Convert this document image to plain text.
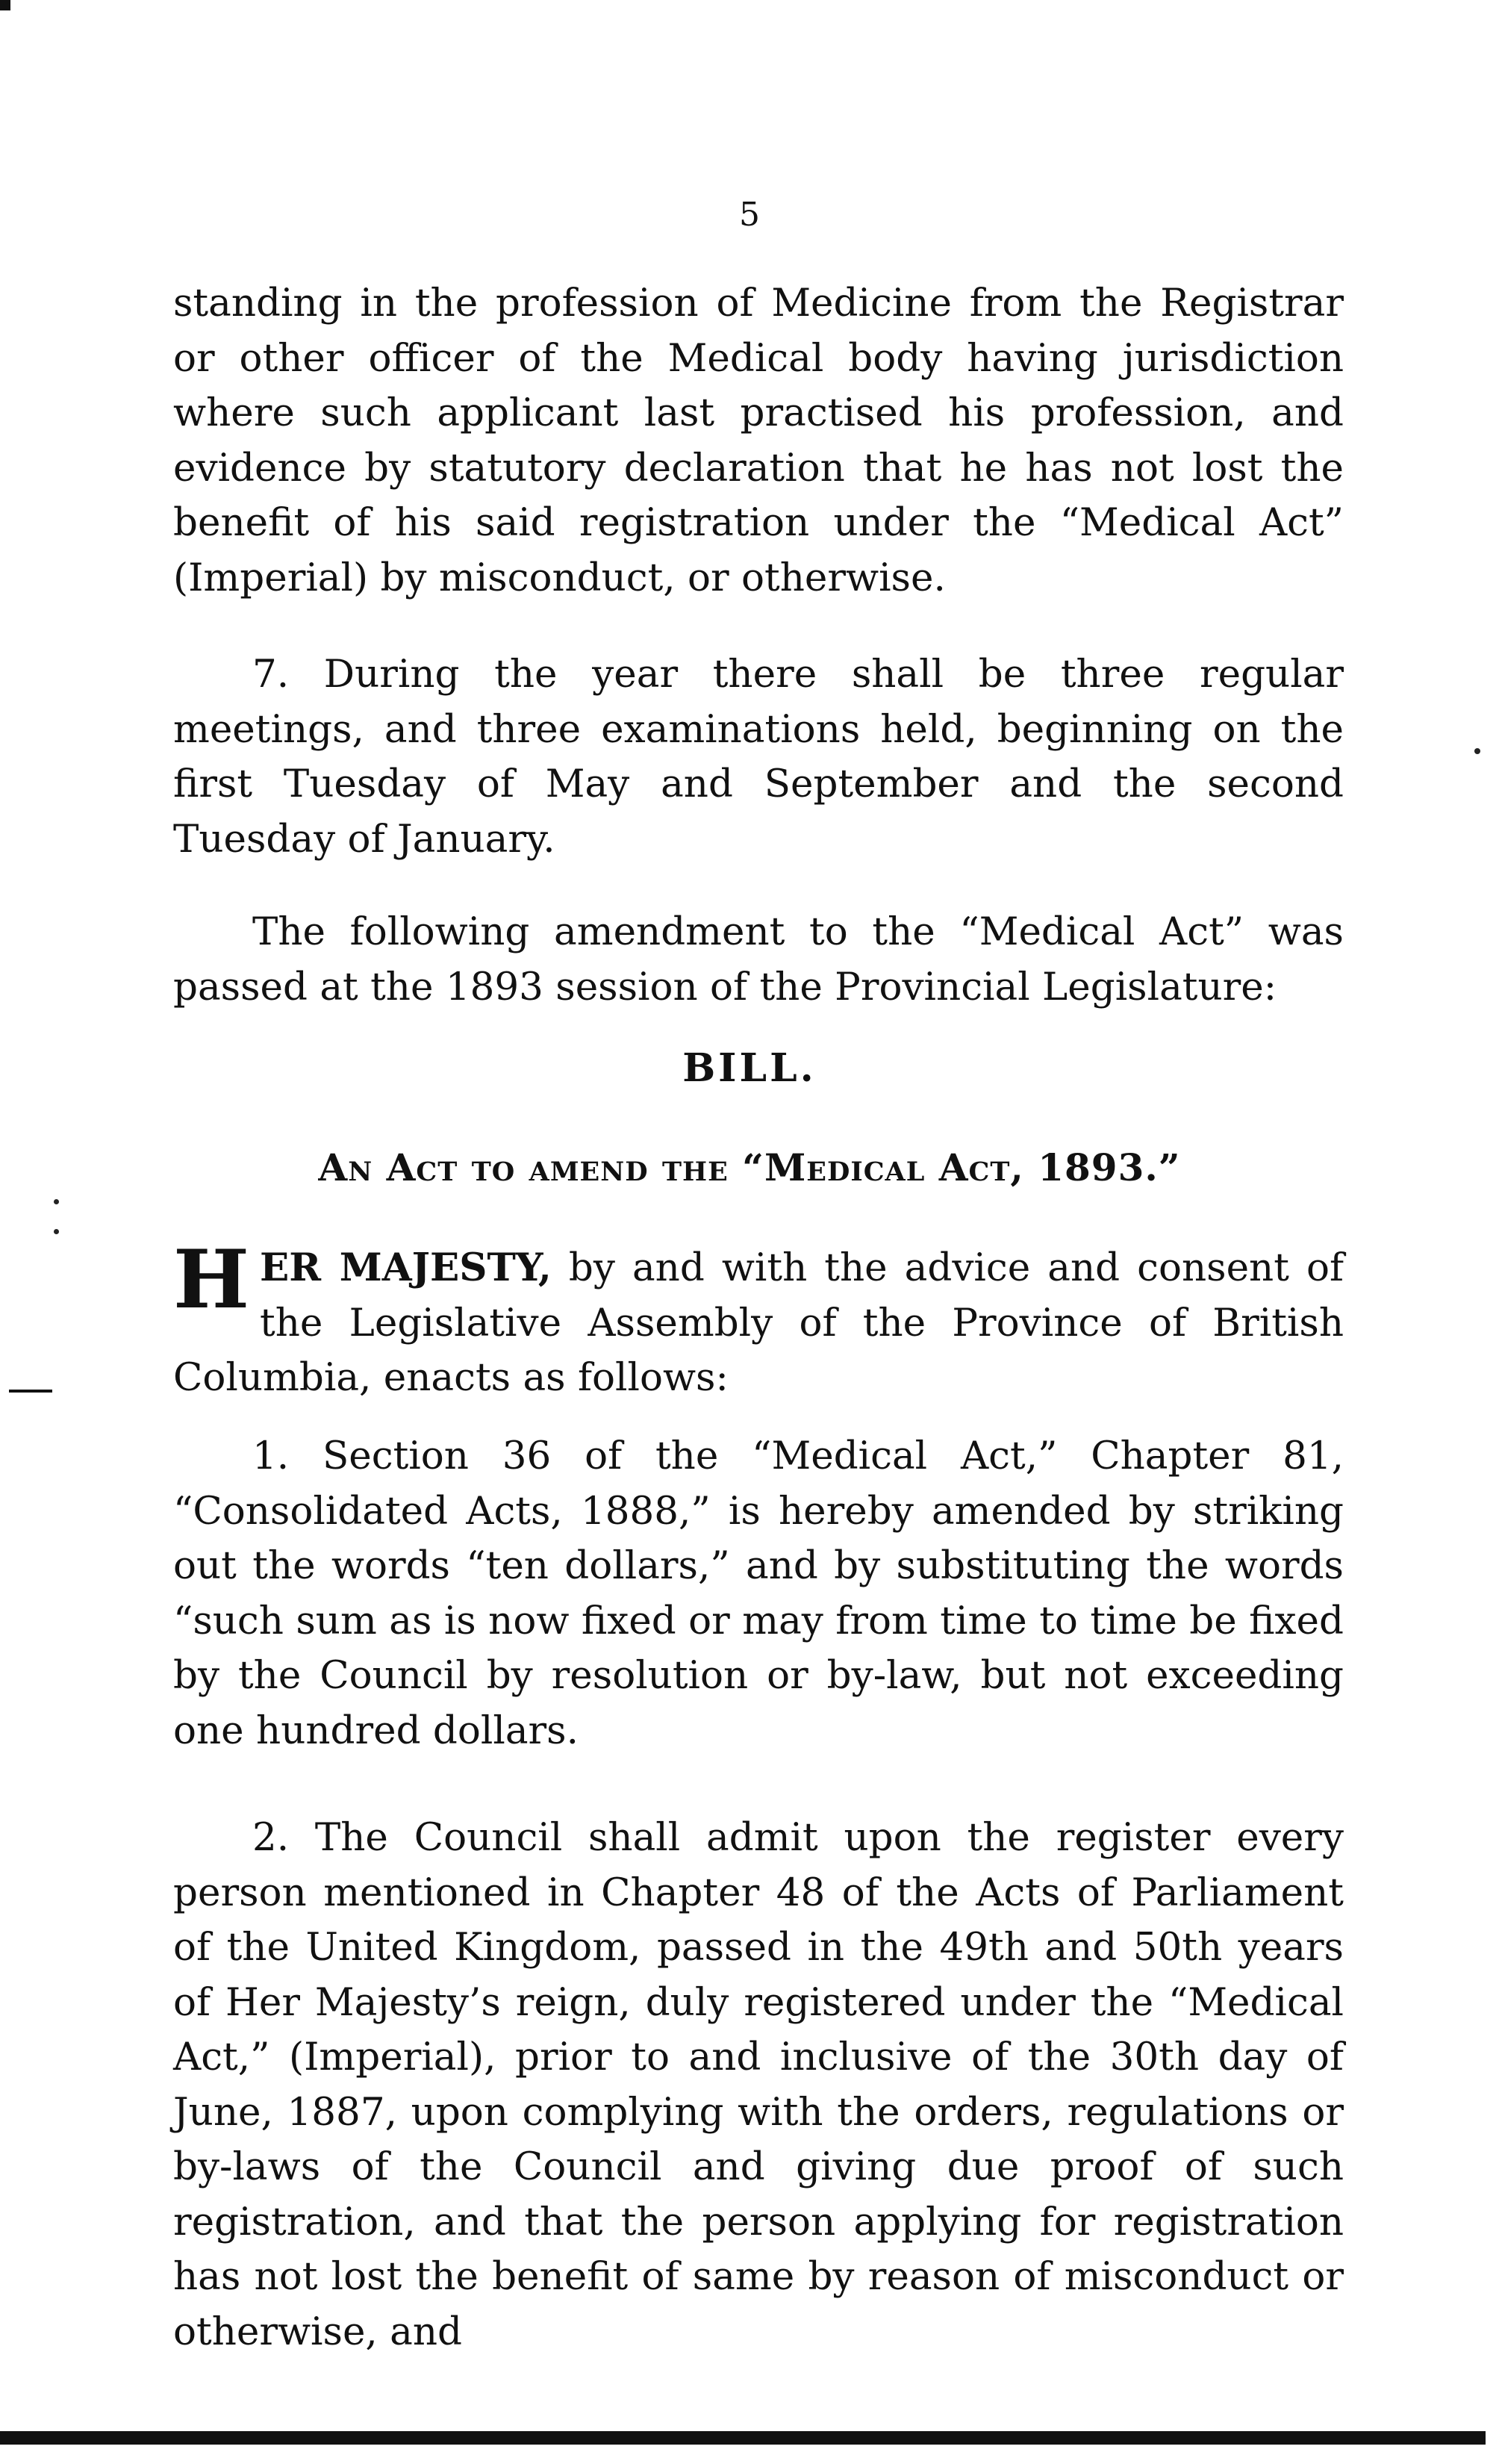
5

standing in the profession of Medicine from the Registrar or other officer of the Medical body having jurisdiction where such applicant last practised his profession, and evidence by statutory declaration that he has not lost the benefit of his said registration under the “Medical Act” (Imperial) by misconduct, or otherwise.

7. During the year there shall be three regular meetings, and three examinations held, beginning on the first Tuesday of May and September and the second Tuesday of January.

The following amendment to the “Medical Act” was passed at the 1893 session of the Provincial Legislature:

BILL.
An Act to amend the “Medical Act, 1893.”
HER MAJESTY, by and with the advice and consent of the Legislative Assembly of the Province of British Columbia, enacts as follows:

1. Section 36 of the “Medical Act,” Chapter 81, “Consolidated Acts, 1888,” is hereby amended by striking out the words “ten dollars,” and by substituting the words “such sum as is now fixed or may from time to time be fixed by the Council by resolution or by-law, but not exceeding one hundred dollars.

2. The Council shall admit upon the register every person mentioned in Chapter 48 of the Acts of Parliament of the United Kingdom, passed in the 49th and 50th years of Her Majesty’s reign, duly registered under the “Medical Act,” (Imperial), prior to and inclusive of the 30th day of June, 1887, upon complying with the orders, regulations or by-laws of the Council and giving due proof of such registration, and that the person applying for registration has not lost the benefit of same by reason of misconduct or otherwise, and
